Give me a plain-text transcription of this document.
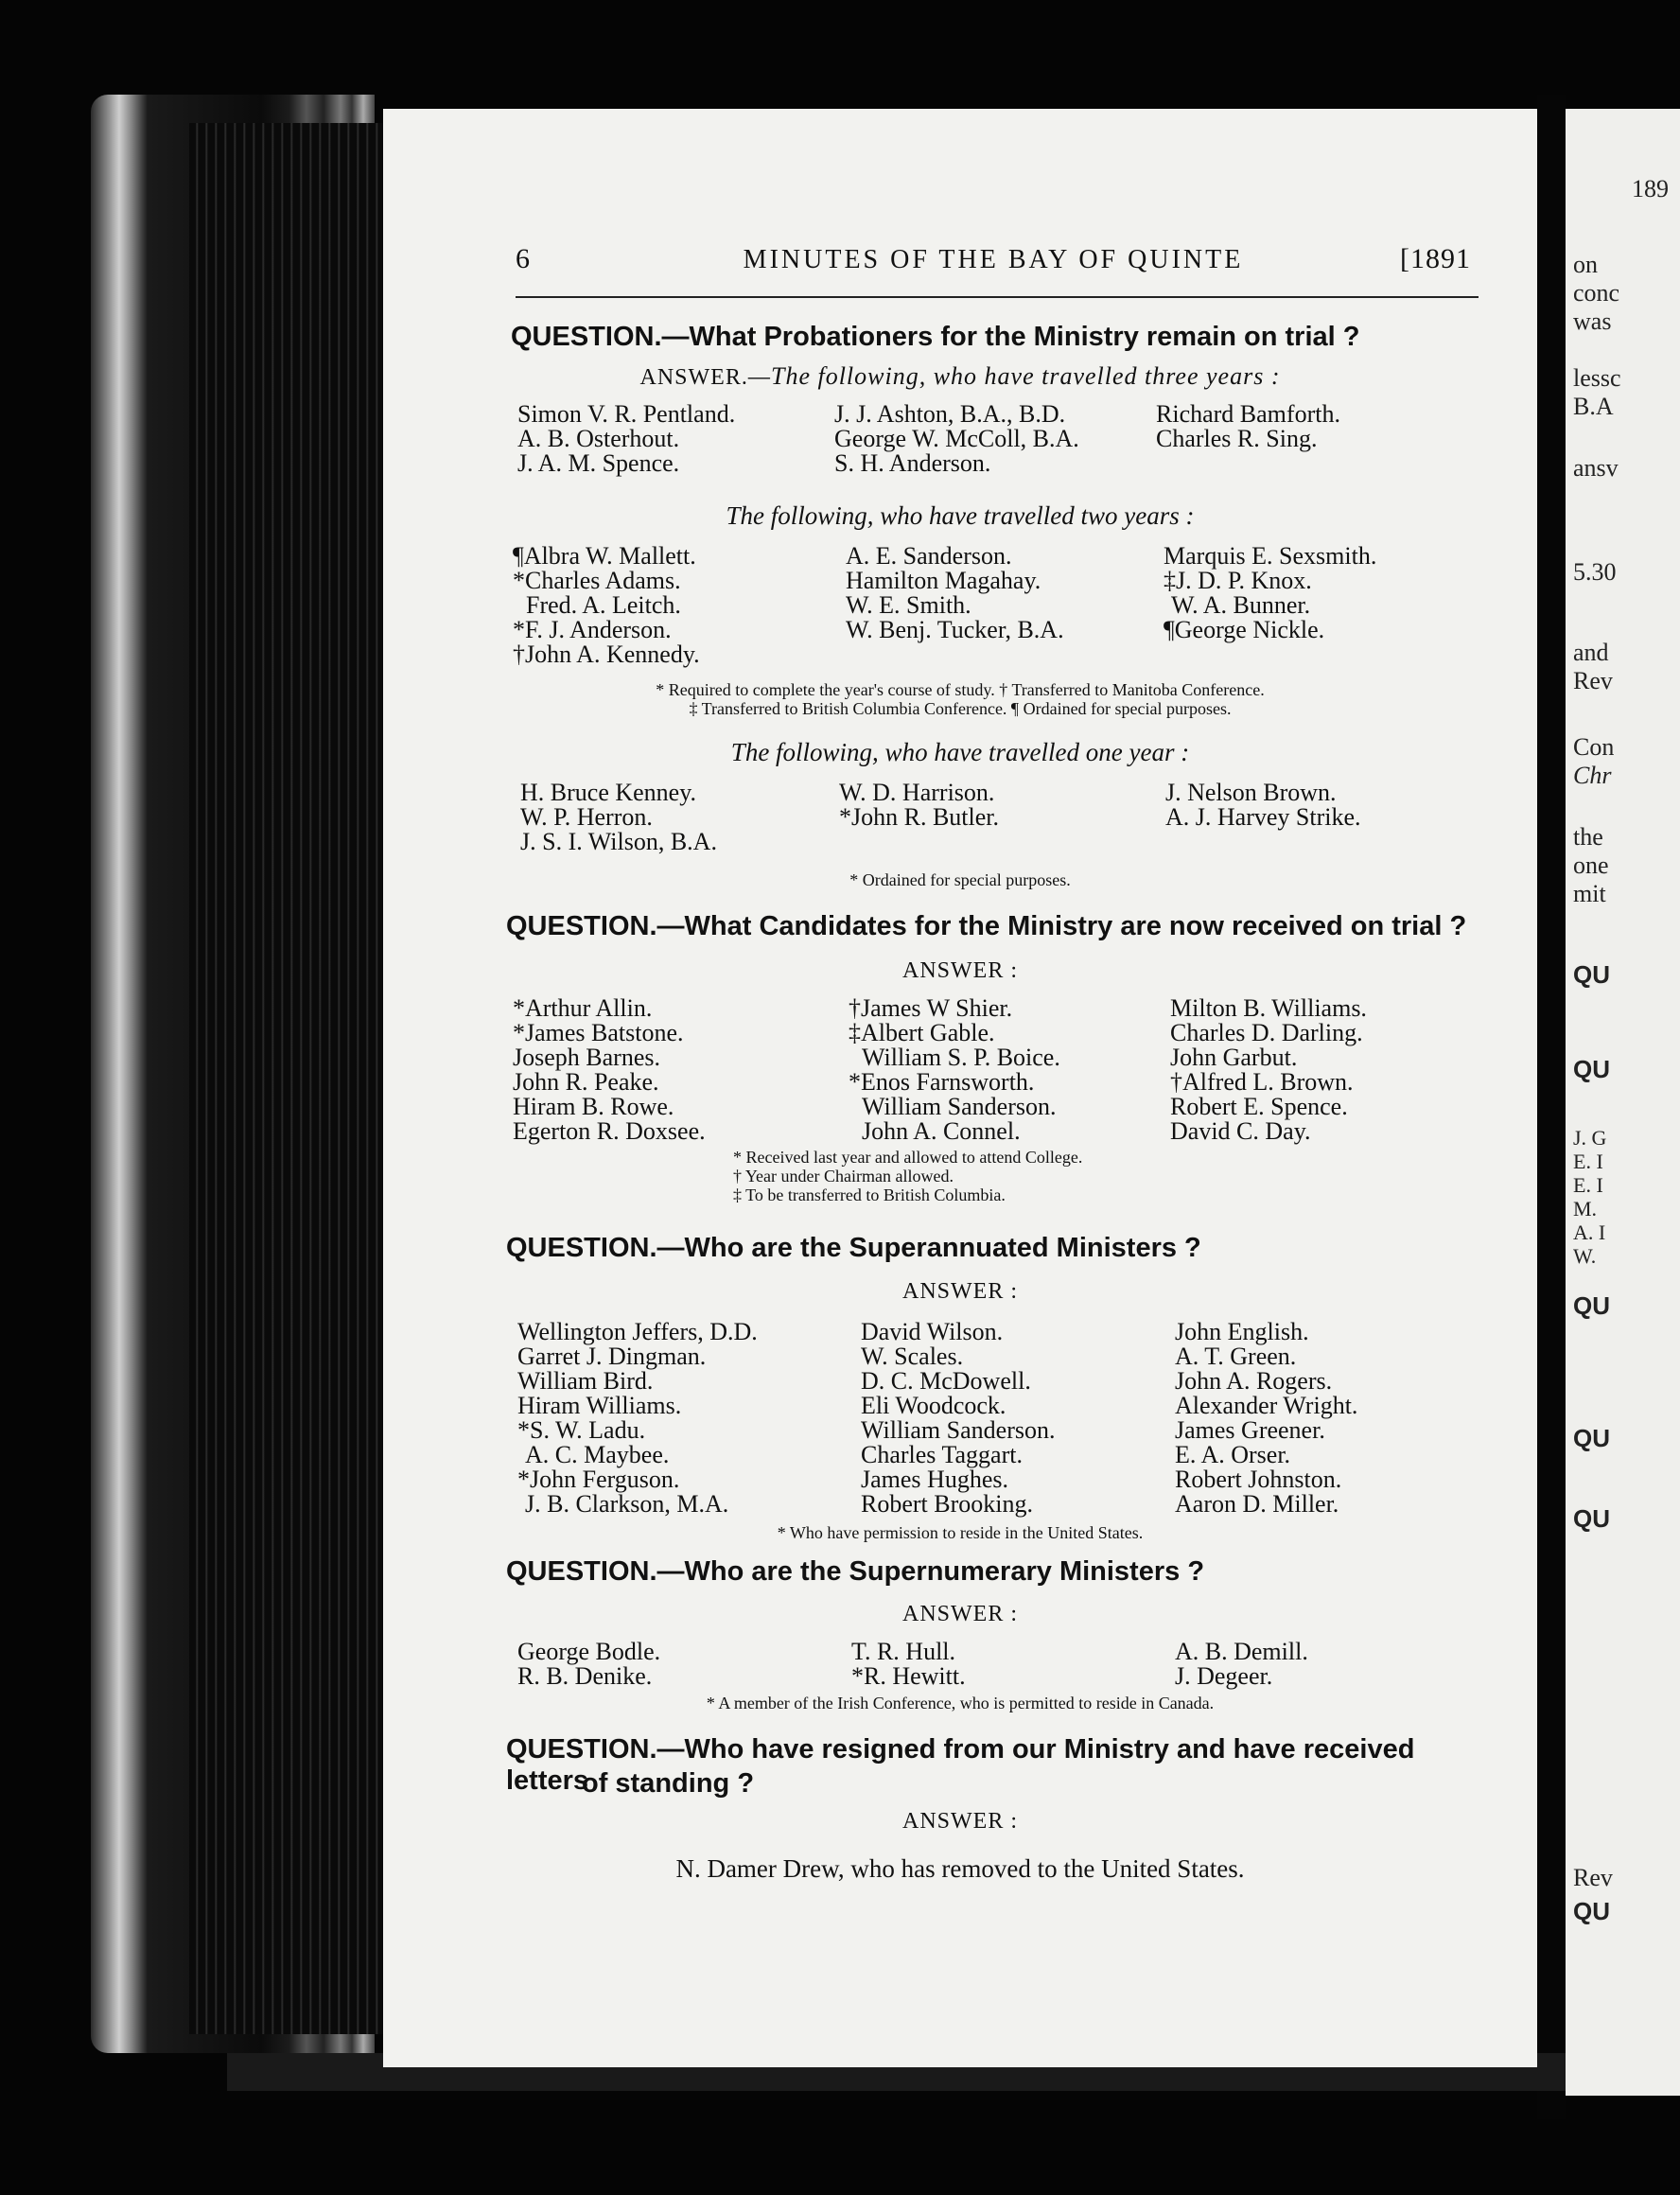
6	MINUTES OF THE BAY OF QUINTE	[1891
QUESTION.—What Probationers for the Ministry remain on trial ?
ANSWER.—The following, who have travelled three years :
Simon V. R. Pentland.
A. B. Osterhout.
J. A. M. Spence.
J. J. Ashton, B.A., B.D.
George W. McColl, B.A.
S. H. Anderson.
Richard Bamforth.
Charles R. Sing.
The following, who have travelled two years :
¶Albra W. Mallett.
*Charles Adams.
Fred. A. Leitch.
*F. J. Anderson.
†John A. Kennedy.
A. E. Sanderson.
Hamilton Magahay.
W. E. Smith.
W. Benj. Tucker, B.A.
Marquis E. Sexsmith.
‡J. D. P. Knox.
W. A. Bunner.
¶George Nickle.
* Required to complete the year's course of study. † Transferred to Manitoba Conference.
‡ Transferred to British Columbia Conference. ¶ Ordained for special purposes.
The following, who have travelled one year :
H. Bruce Kenney.
W. P. Herron.
J. S. I. Wilson, B.A.
W. D. Harrison.
*John R. Butler.
J. Nelson Brown.
A. J. Harvey Strike.
* Ordained for special purposes.
QUESTION.—What Candidates for the Ministry are now received on trial ?
ANSWER :
*Arthur Allin.
*James Batstone.
Joseph Barnes.
John R. Peake.
Hiram B. Rowe.
Egerton R. Doxsee.
†James W Shier.
‡Albert Gable.
William S. P. Boice.
*Enos Farnsworth.
William Sanderson.
John A. Connel.
Milton B. Williams.
Charles D. Darling.
John Garbut.
†Alfred L. Brown.
Robert E. Spence.
David C. Day.
* Received last year and allowed to attend College.
† Year under Chairman allowed.
‡ To be transferred to British Columbia.
QUESTION.—Who are the Superannuated Ministers ?
ANSWER :
Wellington Jeffers, D.D.
Garret J. Dingman.
William Bird.
Hiram Williams.
*S. W. Ladu.
A. C. Maybee.
*John Ferguson.
J. B. Clarkson, M.A.
David Wilson.
W. Scales.
D. C. McDowell.
Eli Woodcock.
William Sanderson.
Charles Taggart.
James Hughes.
Robert Brooking.
John English.
A. T. Green.
John A. Rogers.
Alexander Wright.
James Greener.
E. A. Orser.
Robert Johnston.
Aaron D. Miller.
* Who have permission to reside in the United States.
QUESTION.—Who are the Supernumerary Ministers ?
ANSWER :
George Bodle.
R. B. Denike.
T. R. Hull.
*R. Hewitt.
A. B. Demill.
J. Degeer.
* A member of the Irish Conference, who is permitted to reside in Canada.
QUESTION.—Who have resigned from our Ministry and have received letters
of standing ?
ANSWER :
N. Damer Drew, who has removed to the United States.
189
on
conc
was
lessc
B.A
ansv
5.30
and
Rev
Con
Chr
the
one
mit
QU
QU
J. G
E. I
E. I
M.
A. I
W.
QU
QU
QU
Rev
QU
